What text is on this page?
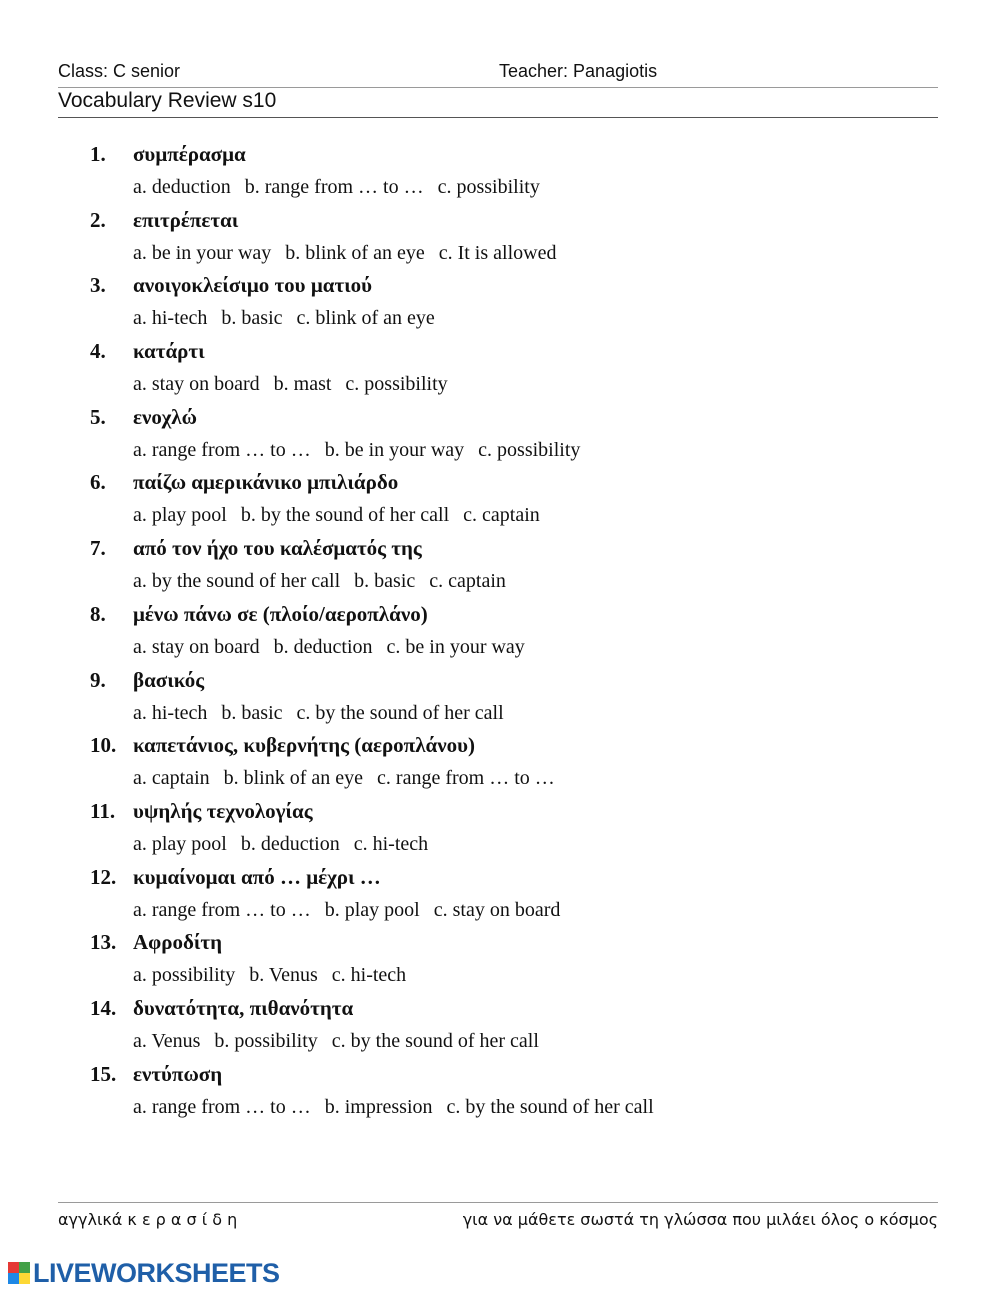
Class: C senior	Teacher: Panagiotis
Vocabulary Review s10
1. συμπέρασμα
a. deduction b. range from … to … c. possibility
2. επιτρέπεται
a. be in your way b. blink of an eye c. It is allowed
3. ανοιγοκλείσιμο του ματιού
a. hi-tech b. basic c. blink of an eye
4. κατάρτι
a. stay on board b. mast c. possibility
5. ενοχλώ
a. range from … to … b. be in your way c. possibility
6. παίζω αμερικάνικο μπιλιάρδο
a. play pool b. by the sound of her call c. captain
7. από τον ήχο του καλέσματός της
a. by the sound of her call b. basic c. captain
8. μένω πάνω σε (πλοίο/αεροπλάνο)
a. stay on board b. deduction c. be in your way
9. βασικός
a. hi-tech b. basic c. by the sound of her call
10. καπετάνιος, κυβερνήτης (αεροπλάνου)
a. captain b. blink of an eye c. range from … to …
11. υψηλής τεχνολογίας
a. play pool b. deduction c. hi-tech
12. κυμαίνομαι από … μέχρι …
a. range from … to … b. play pool c. stay on board
13. Αφροδίτη
a. possibility b. Venus c. hi-tech
14. δυνατότητα, πιθανότητα
a. Venus b. possibility c. by the sound of her call
15. εντύπωση
a. range from … to … b. impression c. by the sound of her call
αγγλικά κ ε ρ α σ ί δ η	για να μάθετε σωστά τη γλώσσα που μιλάει όλος ο κόσμος
LIVEWORKSHEETS
